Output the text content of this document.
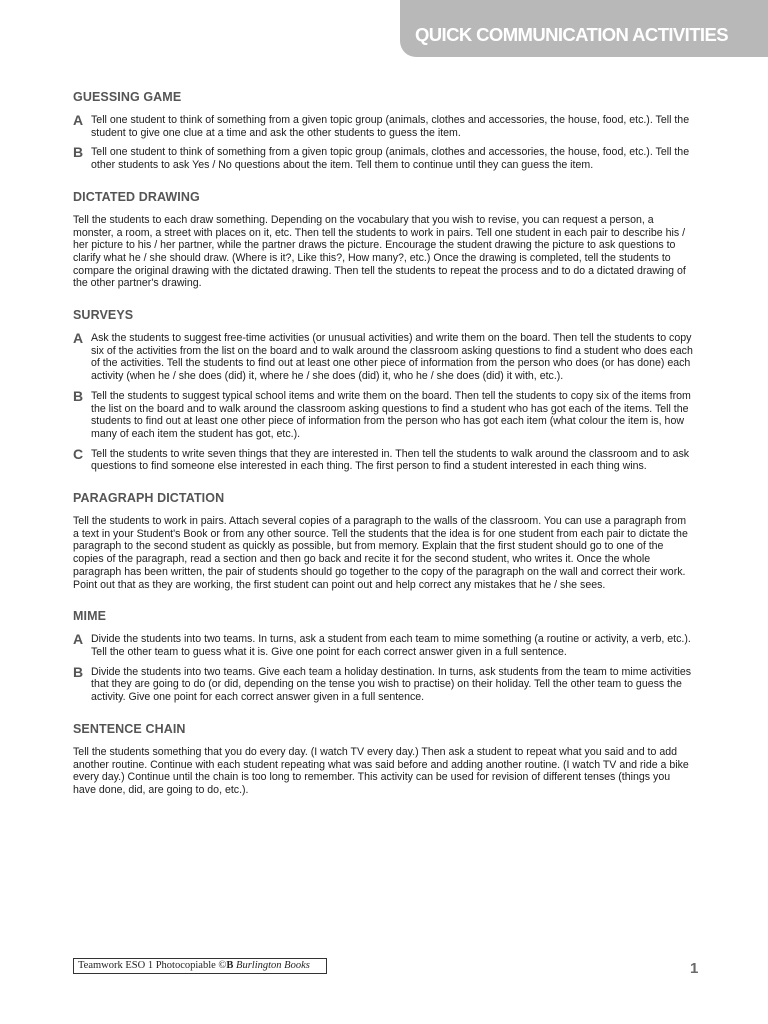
QUICK COMMUNICATION ACTIVITIES
GUESSING GAME
A Tell one student to think of something from a given topic group (animals, clothes and accessories, the house, food, etc.). Tell the student to give one clue at a time and ask the other students to guess the item.
B Tell one student to think of something from a given topic group (animals, clothes and accessories, the house, food, etc.). Tell the other students to ask Yes / No questions about the item. Tell them to continue until they can guess the item.
DICTATED DRAWING

Tell the students to each draw something. Depending on the vocabulary that you wish to revise, you can request a person, a monster, a room, a street with places on it, etc. Then tell the students to work in pairs. Tell one student in each pair to describe his / her picture to his / her partner, while the partner draws the picture. Encourage the student drawing the picture to ask questions to clarify what he / she should draw. (Where is it?, Like this?, How many?, etc.) Once the drawing is completed, tell the students to compare the original drawing with the dictated drawing. Then tell the students to repeat the process and to do a dictated drawing of the other partner's drawing.

SURVEYS
A Ask the students to suggest free-time activities (or unusual activities) and write them on the board. Then tell the students to copy six of the activities from the list on the board and to walk around the classroom asking questions to find a student who does each of the activities. Tell the students to find out at least one other piece of information from the person who does (or has done) each activity (when he / she does (did) it, where he / she does (did) it, who he / she does (did) it with, etc.).
B Tell the students to suggest typical school items and write them on the board. Then tell the students to copy six of the items from the list on the board and to walk around the classroom asking questions to find a student who has got each of the items. Tell the students to find out at least one other piece of information from the person who has got each item (what colour the item is, how many of each item the student has got, etc.).
C Tell the students to write seven things that they are interested in. Then tell the students to walk around the classroom and to ask questions to find someone else interested in each thing. The first person to find a student interested in each thing wins.
PARAGRAPH DICTATION

Tell the students to work in pairs. Attach several copies of a paragraph to the walls of the classroom. You can use a paragraph from a text in your Student's Book or from any other source. Tell the students that the idea is for one student from each pair to dictate the paragraph to the second student as quickly as possible, but from memory. Explain that the first student should go to one of the copies of the paragraph, read a section and then go back and recite it for the second student, who writes it. Once the whole paragraph has been written, the pair of students should go together to the copy of the paragraph on the wall and correct their work. Point out that as they are working, the first student can point out and help correct any mistakes that he / she sees.

MIME
A Divide the students into two teams. In turns, ask a student from each team to mime something (a routine or activity, a verb, etc.). Tell the other team to guess what it is. Give one point for each correct answer given in a full sentence.
B Divide the students into two teams. Give each team a holiday destination. In turns, ask students from the team to mime activities that they are going to do (or did, depending on the tense you wish to practise) on their holiday. Tell the other team to guess the activity. Give one point for each correct answer given in a full sentence.
SENTENCE CHAIN

Tell the students something that you do every day. (I watch TV every day.) Then ask a student to repeat what you said and to add another routine. Continue with each student repeating what was said before and adding another routine. (I watch TV and ride a bike every day.) Continue until the chain is too long to remember. This activity can be used for revision of different tenses (things you have done, did, are going to do, etc.).

Teamwork ESO 1 Photocopiable ©B Burlington Books	1
